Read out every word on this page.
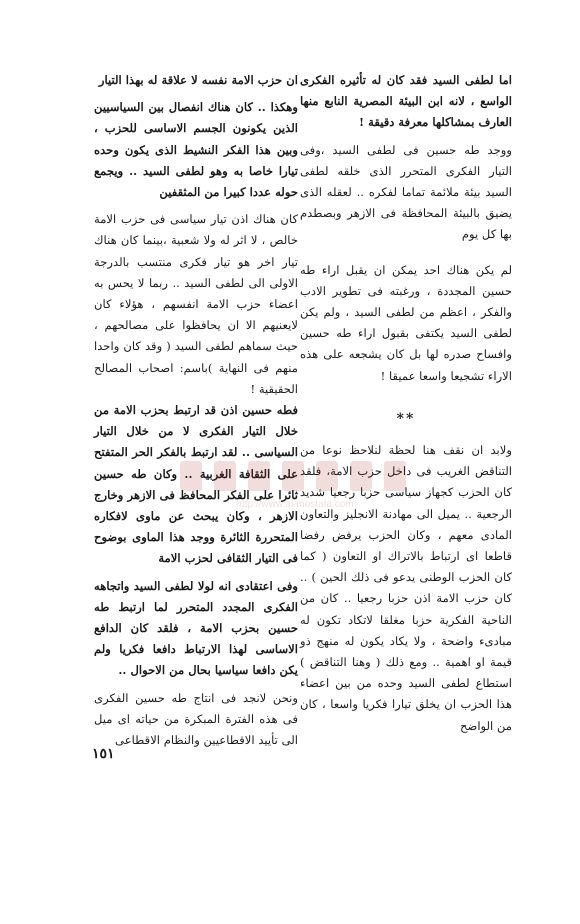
اما لطفى السيد فقد كان له تأثيره الفكرى الواسع ، لانه ابن البيئة المصرية النابع منها العارف بمشاكلها معرفة دقيقة !

ووجد طه حسين فى لطفى السيد ،وفى التيار الفكرى المتحرر الذى خلقه لطفى السيد بيئة ملائمة تماما لفكره .. لعقله الذى يضيق بالبيئة المحافظة فى الازهر وبصطدم بها كل يوم

لم يكن هناك احد يمكن ان يقبل اراء طه حسين المجددة ، ورغبته فى تطوير الادب والفكر ، اعظم من لطفى السيد ، ولم يكن لطفى السيد يكتفى بقبول اراء طه حسين وافساح صدره لها بل كان يشجعه على هذه الاراء تشجيعا واسعا عميقا !

**

ولابد ان نقف هنا لحظة لنلاحظ نوعا من التناقض الغريب فى داخل حزب الامة، فلقد كان الحزب كجهاز سياسى حزبا رجعيا شديد الرجعية .. يميل الى مهادنة الانجليز والتعاون المادى معهم ، وكان الحزب يرفض رفضا قاطعا اى ارتباط بالاتراك او التعاون ( كما كان الحزب الوطنى يدعو فى ذلك الحين ) .. كان حزب الامة اذن حزبا رجعيا .. كان من الناحية الفكرية حزبا مغلقا لاتكاد تكون له مبادىء واضحة ، ولا يكاد يكون له منهج ذو قيمة او اهمية .. ومع ذلك ( وهنا التناقض ) استطاع لطفى السيد وحده من بين اعضاء هذا الحزب ان يخلق تيارا فكريا واسعا ، كان من الواضح

ان حزب الامة نفسه لا علاقة له بهذا التيار

وهكذا .. كان هناك انفصال بين السياسيين الذين يكونون الجسم الاساسى للحزب ، وبين هذا الفكر النشيط الذى يكون وحده تيارا خاصا به وهو لطفى السيد .. ويجمع حوله عددا كبيرا من المثقفين

كان هناك اذن تيار سياسى فى حزب الامة خالص ، لا اثر له ولا شعبية ،بينما كان هناك تيار اخر هو تيار فكرى منتسب بالدرجة الاولى الى لطفى السيد .. ربما لا يحس به اعضاء حزب الامة انفسهم ، هؤلاء كان لايعنيهم الا ان يحافظوا على مصالحهم ، حيث سماهم لطفى السيد ( وقد كان واحدا منهم فى النهاية )باسم: اصحاب المصالح الحقيقية !

فطه حسين اذن قد ارتبط بحزب الامة من خلال التيار الفكرى لا من خلال التيار السياسى .. لقد ارتبط بالفكر الحر المتفتح على الثقافة الغربية .. وكان طه حسين ثائرا على الفكر المحافظ فى الازهر وخارج الازهر ، وكان يبحث عن ماوى لافكاره المتحررة الثائرة ووجد هذا الماوى بوضوح فى التيار الثقافى لحزب الامة

وفى اعتقادى انه لولا لطفى السيد واتجاهه الفكرى المجدد المتحرر لما ارتبط طه حسين بحزب الامة ، فلقد كان الدافع الاساسى لهذا الارتباط دافعا فكريا ولم يكن دافعا سياسيا بحال من الاحوال ..

ونحن لانجد فى انتاج طه حسين الفكرى فى هذه الفترة المبكرة من حياته اى ميل الى تأييد الاقطاعيين والنظام الاقطاعى

١٥١
http://www.al-mostafa.com
